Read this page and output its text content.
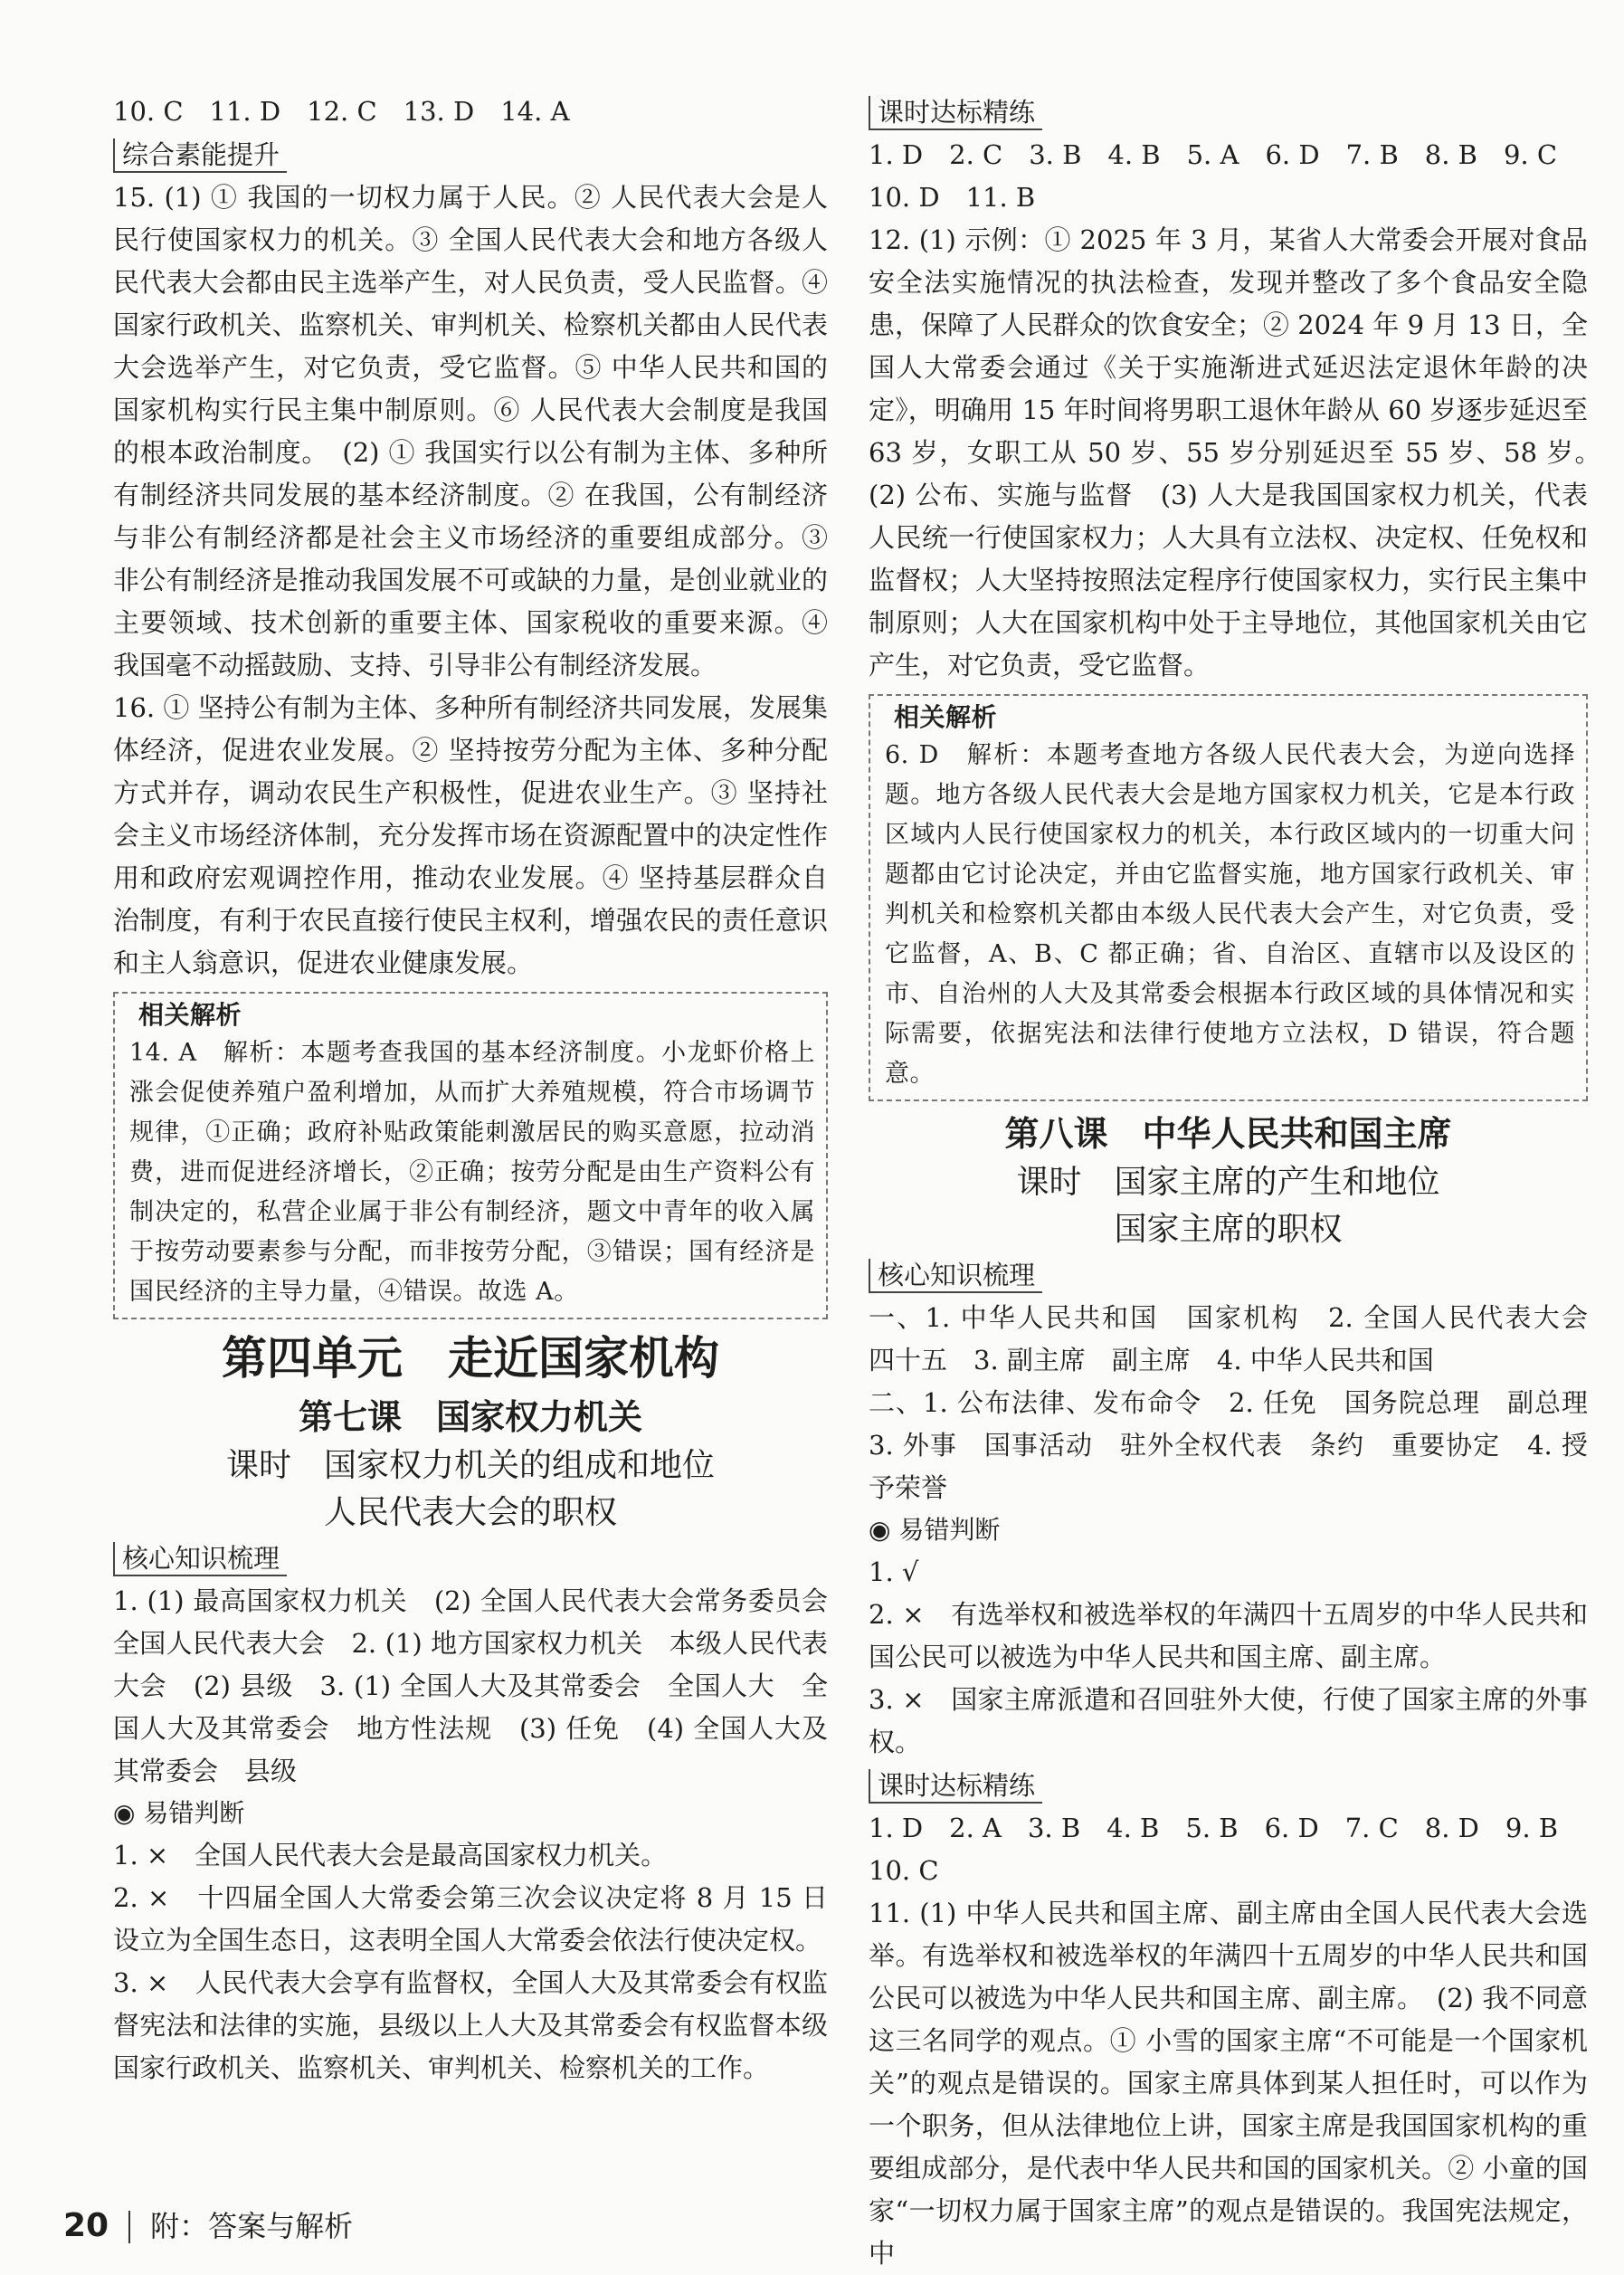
10. C　11. D　12. C　13. D　14. A

综合素能提升

15. (1) ① 我国的一切权力属于人民。② 人民代表大会是人民行使国家权力的机关。③ 全国人民代表大会和地方各级人民代表大会都由民主选举产生，对人民负责，受人民监督。④ 国家行政机关、监察机关、审判机关、检察机关都由人民代表大会选举产生，对它负责，受它监督。⑤ 中华人民共和国的国家机构实行民主集中制原则。⑥ 人民代表大会制度是我国的根本政治制度。　(2) ① 我国实行以公有制为主体、多种所有制经济共同发展的基本经济制度。② 在我国，公有制经济与非公有制经济都是社会主义市场经济的重要组成部分。③ 非公有制经济是推动我国发展不可或缺的力量，是创业就业的主要领域、技术创新的重要主体、国家税收的重要来源。④ 我国毫不动摇鼓励、支持、引导非公有制经济发展。

16. ① 坚持公有制为主体、多种所有制经济共同发展，发展集体经济，促进农业发展。② 坚持按劳分配为主体、多种分配方式并存，调动农民生产积极性，促进农业生产。③ 坚持社会主义市场经济体制，充分发挥市场在资源配置中的决定性作用和政府宏观调控作用，推动农业发展。④ 坚持基层群众自治制度，有利于农民直接行使民主权利，增强农民的责任意识和主人翁意识，促进农业健康发展。

相关解析

14. A　解析：本题考查我国的基本经济制度。小龙虾价格上涨会促使养殖户盈利增加，从而扩大养殖规模，符合市场调节规律，①正确；政府补贴政策能刺激居民的购买意愿，拉动消费，进而促进经济增长，②正确；按劳分配是由生产资料公有制决定的，私营企业属于非公有制经济，题文中青年的收入属于按劳动要素参与分配，而非按劳分配，③错误；国有经济是国民经济的主导力量，④错误。故选 A。

第四单元　走近国家机构
第七课　国家权力机关
课时　国家权力机关的组成和地位
人民代表大会的职权
核心知识梳理

1. (1) 最高国家权力机关　(2) 全国人民代表大会常务委员会　全国人民代表大会　2. (1) 地方国家权力机关　本级人民代表大会　(2) 县级　3. (1) 全国人大及其常委会　全国人大　全国人大及其常委会　地方性法规　(3) 任免　(4) 全国人大及其常委会　县级

◉ 易错判断

1. ×　全国人民代表大会是最高国家权力机关。

2. ×　十四届全国人大常委会第三次会议决定将 8 月 15 日设立为全国生态日，这表明全国人大常委会依法行使决定权。

3. ×　人民代表大会享有监督权，全国人大及其常委会有权监督宪法和法律的实施，县级以上人大及其常委会有权监督本级国家行政机关、监察机关、审判机关、检察机关的工作。

课时达标精练

1. D　2. C　3. B　4. B　5. A　6. D　7. B　8. B　9. C

10. D　11. B

12. (1) 示例：① 2025 年 3 月，某省人大常委会开展对食品安全法实施情况的执法检查，发现并整改了多个食品安全隐患，保障了人民群众的饮食安全；② 2024 年 9 月 13 日，全国人大常委会通过《关于实施渐进式延迟法定退休年龄的决定》，明确用 15 年时间将男职工退休年龄从 60 岁逐步延迟至 63 岁，女职工从 50 岁、55 岁分别延迟至 55 岁、58 岁。　(2) 公布、实施与监督　(3) 人大是我国国家权力机关，代表人民统一行使国家权力；人大具有立法权、决定权、任免权和监督权；人大坚持按照法定程序行使国家权力，实行民主集中制原则；人大在国家机构中处于主导地位，其他国家机关由它产生，对它负责，受它监督。

相关解析

6. D　解析：本题考查地方各级人民代表大会，为逆向选择题。地方各级人民代表大会是地方国家权力机关，它是本行政区域内人民行使国家权力的机关，本行政区域内的一切重大问题都由它讨论决定，并由它监督实施，地方国家行政机关、审判机关和检察机关都由本级人民代表大会产生，对它负责，受它监督，A、B、C 都正确；省、自治区、直辖市以及设区的市、自治州的人大及其常委会根据本行政区域的具体情况和实际需要，依据宪法和法律行使地方立法权，D 错误，符合题意。

第八课　中华人民共和国主席
课时　国家主席的产生和地位
国家主席的职权
核心知识梳理

一、1. 中华人民共和国　国家机构　2. 全国人民代表大会　四十五　3. 副主席　副主席　4. 中华人民共和国

二、1. 公布法律、发布命令　2. 任免　国务院总理　副总理　3. 外事　国事活动　驻外全权代表　条约　重要协定　4. 授予荣誉

◉ 易错判断

1. √

2. ×　有选举权和被选举权的年满四十五周岁的中华人民共和国公民可以被选为中华人民共和国主席、副主席。

3. ×　国家主席派遣和召回驻外大使，行使了国家主席的外事权。

课时达标精练

1. D　2. A　3. B　4. B　5. B　6. D　7. C　8. D　9. B

10. C

11. (1) 中华人民共和国主席、副主席由全国人民代表大会选举。有选举权和被选举权的年满四十五周岁的中华人民共和国公民可以被选为中华人民共和国主席、副主席。　(2) 我不同意这三名同学的观点。① 小雪的国家主席“不可能是一个国家机关”的观点是错误的。国家主席具体到某人担任时，可以作为一个职务，但从法律地位上讲，国家主席是我国国家机构的重要组成部分，是代表中华人民共和国的国家机关。② 小童的国家“一切权力属于国家主席”的观点是错误的。我国宪法规定，中

20 附：答案与解析
